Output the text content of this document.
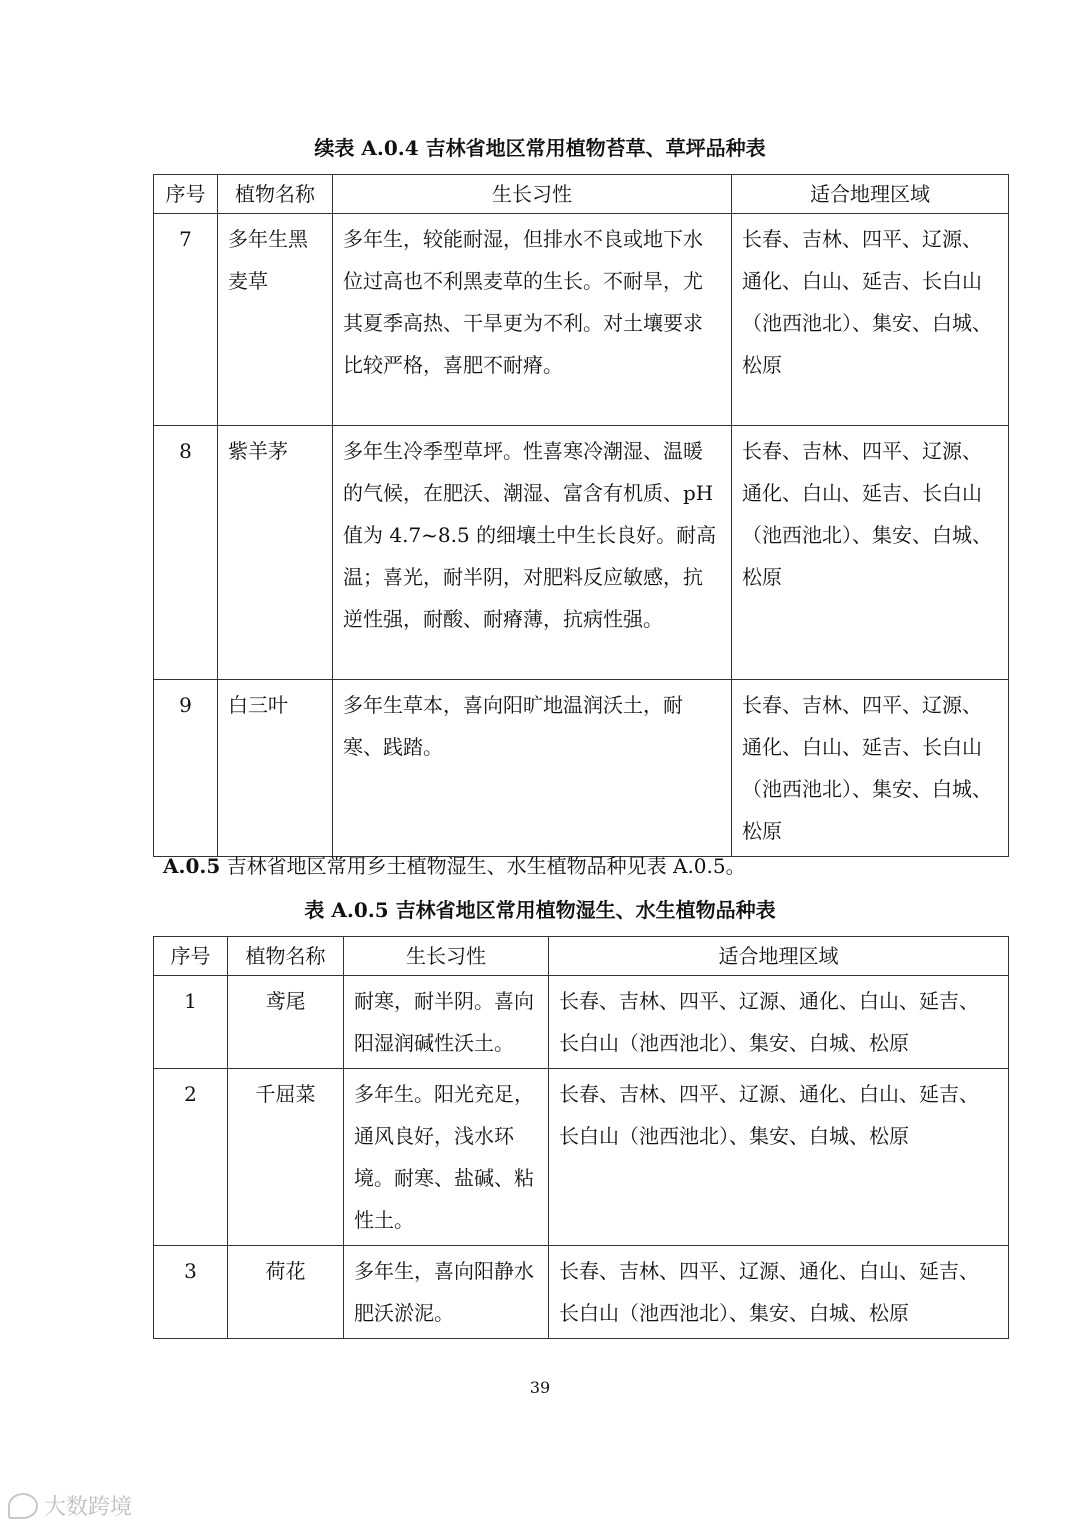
续表 A.0.4 吉林省地区常用植物苔草、草坪品种表
序号	植物名称	生长习性	适合地理区域
7	多年生黑麦草	多年生，较能耐湿，但排水不良或地下水位过高也不利黑麦草的生长。不耐旱，尤其夏季高热、干旱更为不利。对土壤要求比较严格，喜肥不耐瘠。	长春、吉林、四平、辽源、通化、白山、延吉、长白山（池西池北）、集安、白城、松原
8	紫羊茅	多年生冷季型草坪。性喜寒冷潮湿、温暖的气候，在肥沃、潮湿、富含有机质、pH 值为 4.7~8.5 的细壤土中生长良好。耐高温；喜光，耐半阴，对肥料反应敏感，抗逆性强，耐酸、耐瘠薄，抗病性强。	长春、吉林、四平、辽源、通化、白山、延吉、长白山（池西池北）、集安、白城、松原
9	白三叶	多年生草本，喜向阳旷地温润沃土，耐寒、践踏。	长春、吉林、四平、辽源、通化、白山、延吉、长白山（池西池北）、集安、白城、松原

A.0.5 吉林省地区常用乡土植物湿生、水生植物品种见表 A.0.5。

表 A.0.5 吉林省地区常用植物湿生、水生植物品种表
序号	植物名称	生长习性	适合地理区域
1	鸢尾	耐寒，耐半阴。喜向阳湿润碱性沃土。	长春、吉林、四平、辽源、通化、白山、延吉、长白山（池西池北）、集安、白城、松原
2	千屈菜	多年生。阳光充足，通风良好，浅水环境。耐寒、盐碱、粘性土。	长春、吉林、四平、辽源、通化、白山、延吉、长白山（池西池北）、集安、白城、松原
3	荷花	多年生，喜向阳静水肥沃淤泥。	长春、吉林、四平、辽源、通化、白山、延吉、长白山（池西池北）、集安、白城、松原
39
大数跨境
